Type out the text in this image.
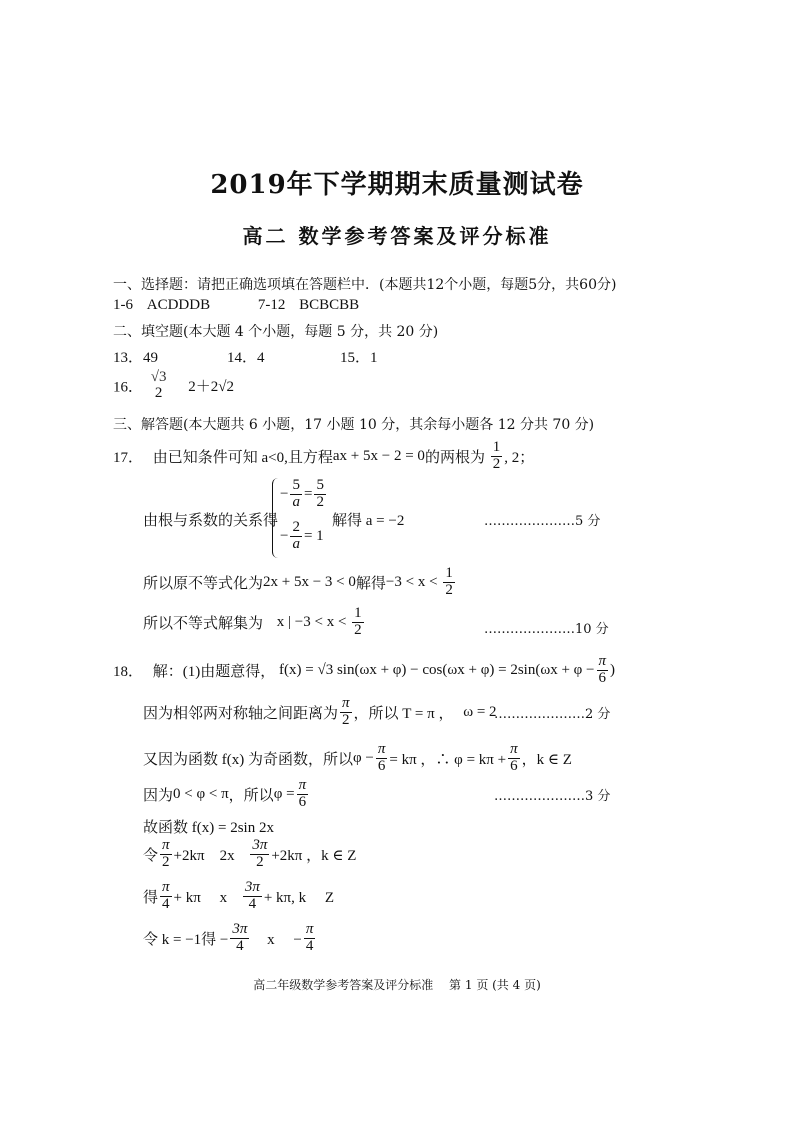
2019年下学期期末质量测试卷
高二 数学参考答案及评分标准
一、选择题：请把正确选项填在答题栏中．(本题共12个小题，每题5分，共60分)
1-6 ACDDDB	7-12 BCBCBB
二、填空题(本大题 4 个小题，每题 5 分，共 20 分)
13．49	14．4	15．1
16．
√3
2	2＋2√2
三、解答题(本大题共 6 小题，17 小题 10 分，其余每小题各 12 分共 70 分)
17． 由已知条件可知 a<0,且方程ax + 5x − 2 = 0的两根为 $\frac{1}{2}$ , 2；
由根与系数的关系得
− $\frac{5}{a} = \frac{5}{2}$
− $\frac{2}{a} = 1$
解得 a = −2	…………………5 分
所以原不等式化为2x + 5x − 3 < 0解得$-3 < x < \frac{1}{2}$
所以不等式解集为 x | $-3 < x < \frac{1}{2}$	…………………10 分
18． 解：(1)由题意得， f(x) = √3 $\sin(\omega x + \varphi) - \cos(\omega x + \varphi) = 2\sin(\omega x + \varphi - \frac{\pi}{6}$ )
因为相邻两对称轴之间距离为 $\frac{\pi}{2}$ ，所以 T = π ， ω = 2
…………………2 分
又因为函数 f(x) 为奇函数，所以$\varphi - \frac{\pi}{6} = k\pi$ ，∴ $\varphi = k\pi + \frac{\pi}{6}$ ，k ∈ Z
因为0 < φ < π，所以$\varphi = \frac{\pi}{6}$	…………………3 分
故函数 f(x) = 2sin 2x
令 $\frac{\pi}{2} +2k\pi$　$2x \frac{3\pi}{2} +2k\pi$ ，k ∈ Z
得 $\frac{\pi}{4} + k\pi$　 x $\frac{3\pi}{4} + k\pi$, k　 Z
令 k = −1得 − $\frac{3\pi}{4}$ x　 − $\frac{\pi}{4}$
高二年级数学参考答案及评分标准　 第 1 页 (共 4 页)
